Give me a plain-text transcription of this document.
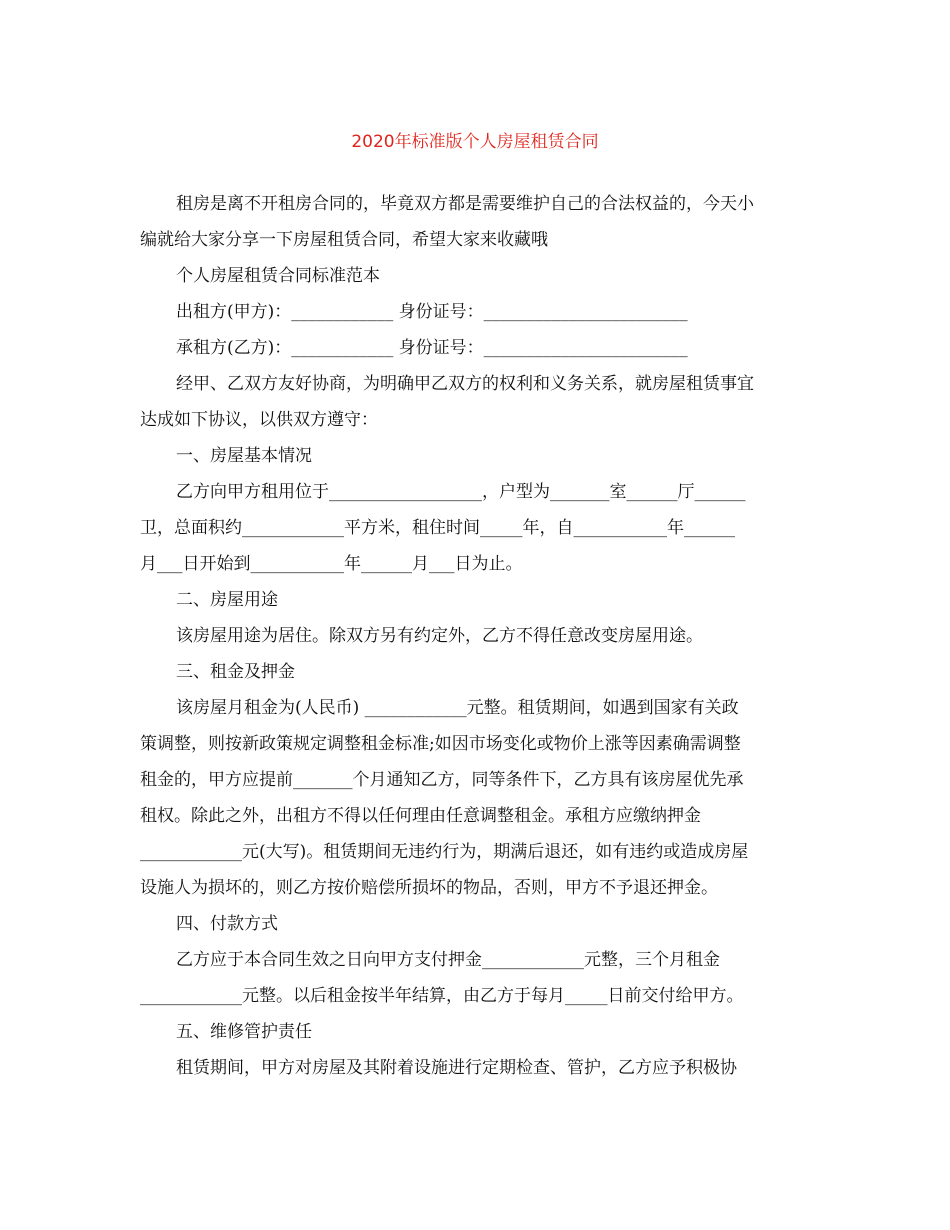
2020年标准版个人房屋租赁合同
租房是离不开租房合同的，毕竟双方都是需要维护自己的合法权益的，今天小
编就给大家分享一下房屋租赁合同，希望大家来收藏哦
个人房屋租赁合同标准范本
出租方(甲方)：____________ 身份证号：________________________
承租方(乙方)：____________ 身份证号：________________________
经甲、乙双方友好协商，为明确甲乙双方的权利和义务关系，就房屋租赁事宜
达成如下协议，以供双方遵守：
一、房屋基本情况
乙方向甲方租用位于__________________，户型为_______室______厅______
卫，总面积约____________平方米，租住时间_____年，自___________年______
月___日开始到___________年______月___日为止。
二、房屋用途
该房屋用途为居住。除双方另有约定外，乙方不得任意改变房屋用途。
三、租金及押金
该房屋月租金为(人民币) ____________元整。租赁期间，如遇到国家有关政
策调整，则按新政策规定调整租金标准;如因市场变化或物价上涨等因素确需调整
租金的，甲方应提前_______个月通知乙方，同等条件下，乙方具有该房屋优先承
租权。除此之外，出租方不得以任何理由任意调整租金。承租方应缴纳押金
____________元(大写)。租赁期间无违约行为，期满后退还，如有违约或造成房屋
设施人为损坏的，则乙方按价赔偿所损坏的物品，否则，甲方不予退还押金。
四、付款方式
乙方应于本合同生效之日向甲方支付押金____________元整，三个月租金
____________元整。以后租金按半年结算，由乙方于每月_____日前交付给甲方。
五、维修管护责任
租赁期间，甲方对房屋及其附着设施进行定期检查、管护，乙方应予积极协
